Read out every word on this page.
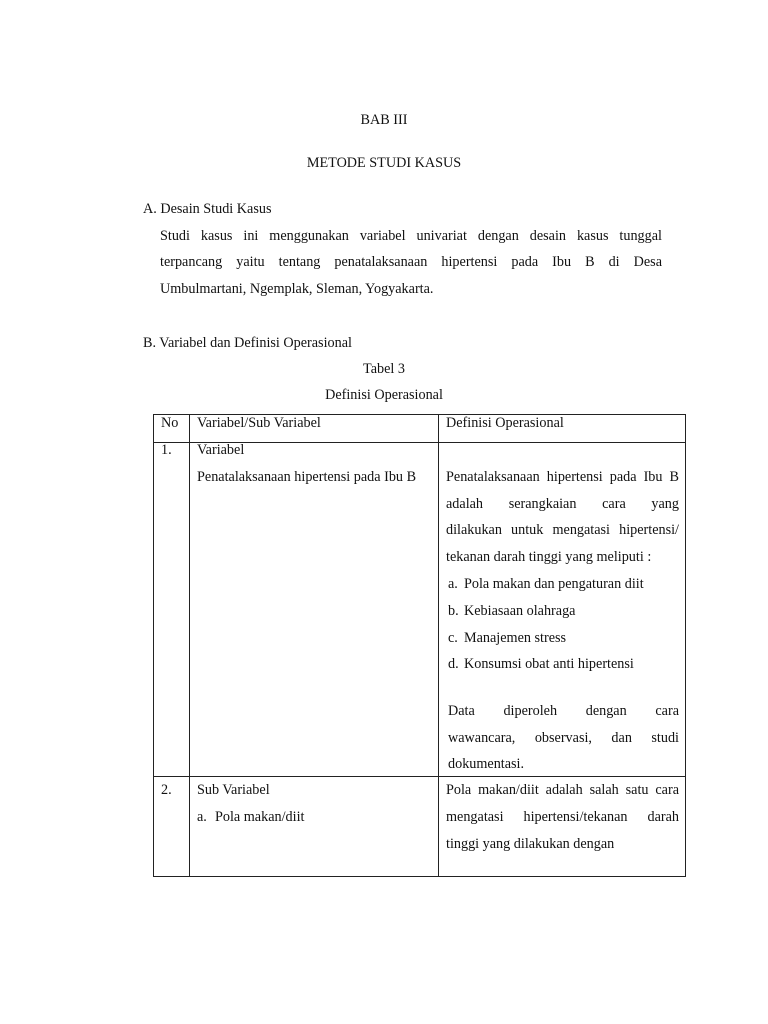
BAB III
METODE STUDI KASUS
A. Desain Studi Kasus
Studi kasus ini menggunakan variabel univariat dengan desain kasus tunggal
terpancang yaitu tentang penatalaksanaan hipertensi pada Ibu B di Desa
Umbulmartani, Ngemplak, Sleman, Yogyakarta.
B. Variabel dan Definisi Operasional
Tabel 3
Definisi Operasional
No Variabel/Sub Variabel	Definisi Operasional
1. Variabel
Penatalaksanaan hipertensi pada Ibu B Penatalaksanaan hipertensi pada Ibu B
adalah serangkaian cara yang
dilakukan untuk mengatasi hipertensi/
tekanan darah tinggi yang meliputi :
a. Pola makan dan pengaturan diit
b. Kebiasaan olahraga
c. Manajemen stress
d. Konsumsi obat anti hipertensi
Data diperoleh dengan cara
wawancara, observasi, dan studi
dokumentasi.
2. Sub Variabel
a. Pola makan/diit
Pola makan/diit adalah salah satu cara
mengatasi hipertensi/tekanan darah
tinggi yang dilakukan dengan
